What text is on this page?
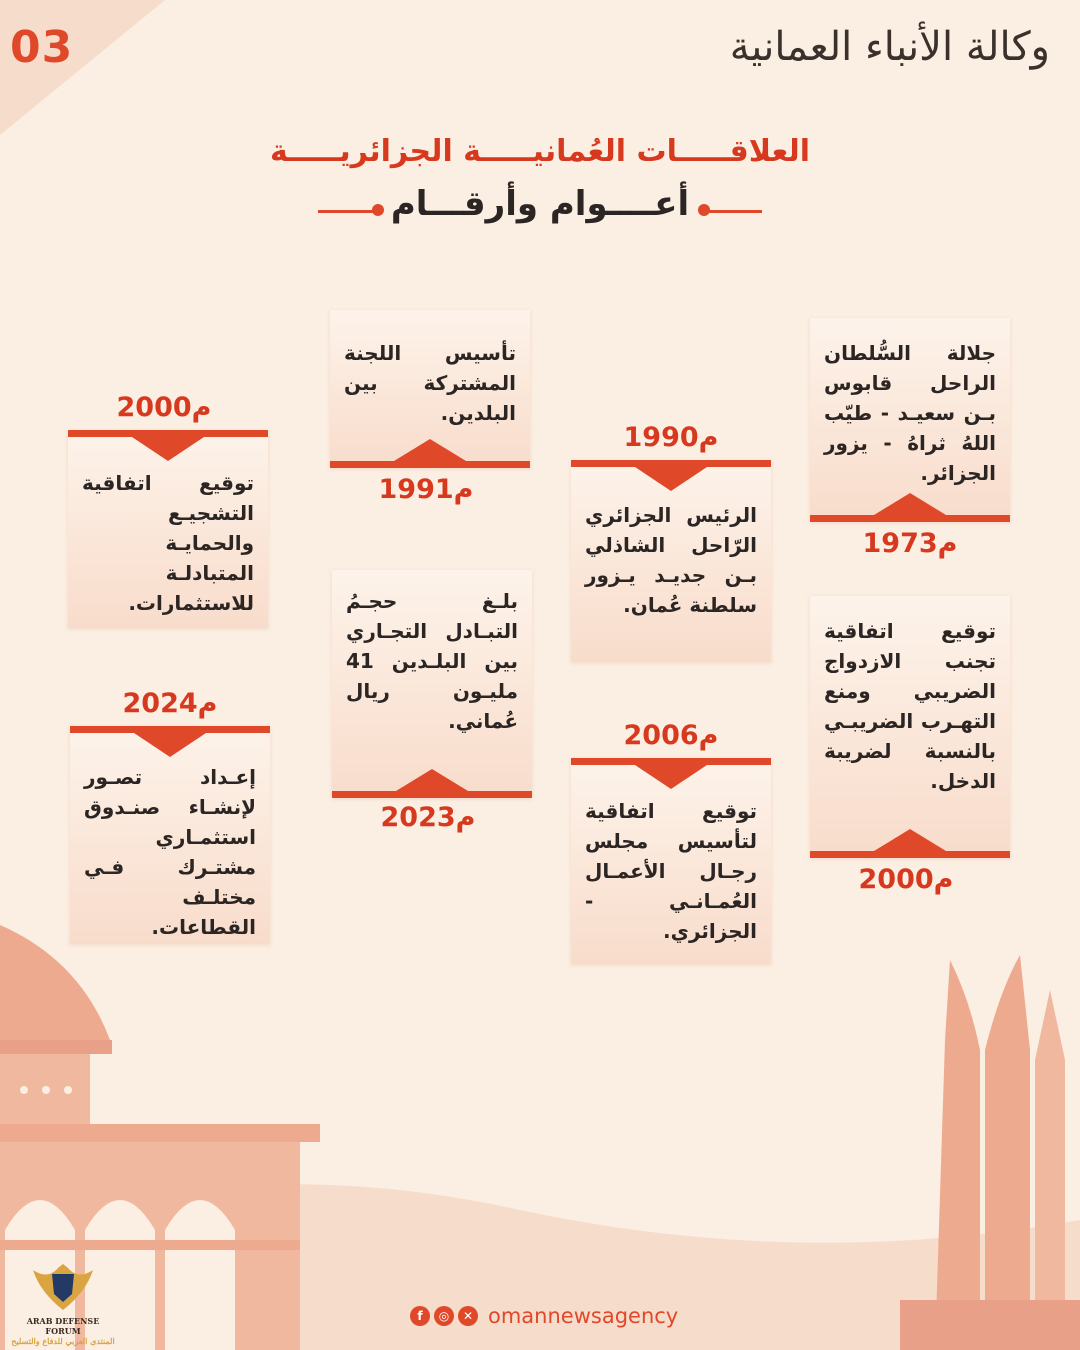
03	وكالة الأنباء العمانية
العلاقـــــات العُمانيـــــة الجزائريـــــة
أعــــوام وأرقـــام
جلالة السُّلطان الراحل قابوس بـن سعيـد - طيّب اللهُ ثراهُ - يزور الجزائر.
1973م
توقيع اتفاقية تجنب الازدواج الضريبي ومنع التهـرب الضريبـي بالنسبة لضريبة الدخل.
2000م
1990م
الرئيس الجزائري الرّاحل الشاذلي بـن جديـد يـزور سلطنة عُمان.
2006م
توقيع اتفاقية لتأسيس مجلس رجـال الأعمـال العُمـانـي - الجزائري.
تأسيس اللجنة المشتركة بين البلدين.
1991م
بلـغ حجـمُ التبـادل التجـاري بين البلـدين 41 مليـون ريال عُماني.
2023م
2000م
توقيع اتفاقية التشجيـع والحمايـة المتبادلـة للاستثمارات.
2024م
إعـداد تصـور لإنشـاء صنـدوق استثمـاري مشتـرك فـي مختلـف القطاعات.
f	◎	✕ omannewsagency
ARAB DEFENSE FORUM
المنتدى العربي للدفاع والتسليح
